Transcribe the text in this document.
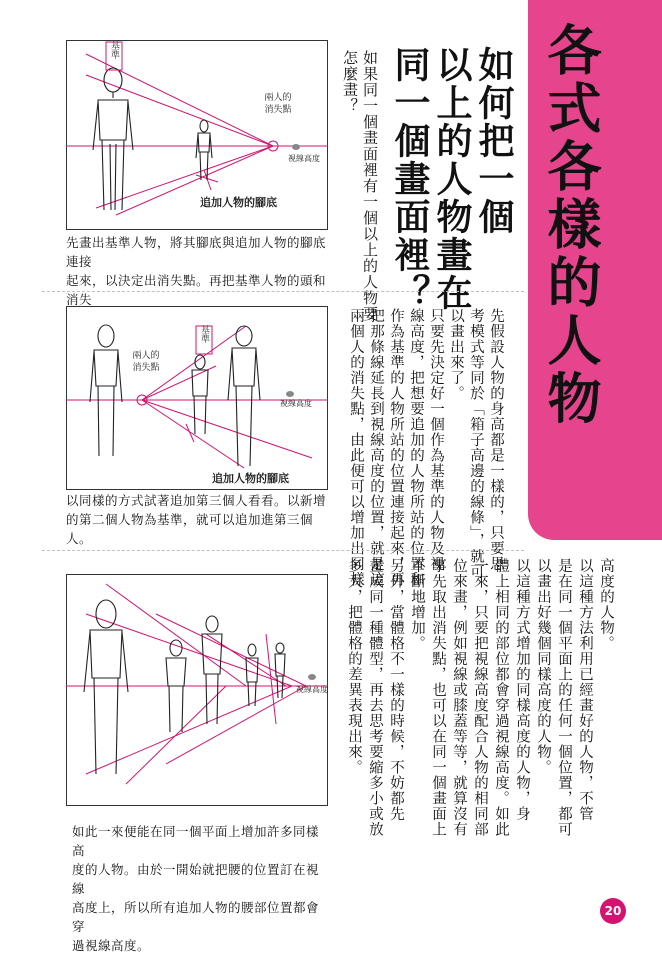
各式各樣的人物
如何把一個
以上的人物畫在
同一個畫面裡？
如果同一個畫面裡有一個以上的人物要
怎麼畫？
先假設人物的身高都是一樣的，只要思
考模式等同於「箱子高邊的線條」，就可
以畫出來了。
只要先決定好一個作為基準的人物及視
線高度，把想要追加的人物所站的位置和
作為基準的人物所站的位置連接起來，再
把那條線延長到視線高度的位置，就是這
兩個人的消失點，由此便可以增加出同樣
高度的人物。
以這種方法利用已經畫好的人物，不管
是在同一個平面上的任何一個位置，都可
以畫出好幾個同樣高度的人物。
以這種方式增加的同樣高度的人物，身
體上相同的部位都會穿過視線高度。如此
一來，只要把視線高度配合人物的相同部
位來畫，例如視線或膝蓋等等，就算沒有
事先取出消失點，也可以在同一個畫面上
不斷地增加。
另外，當體格不一樣的時候，不妨都先
畫成同一種體型，再去思考要縮多小或放
多大，把體格的差異表現出來。
基準
兩人的消失點
視線高度
追加人物的腳底
先畫出基準人物，將其腳底與追加人物的腳底連接
起來，以決定出消失點。再把基準人物的頭和消失

基準
兩人的消失點
視線高度
追加人物的腳底
以同樣的方式試著追加第三個人看看。以新增
的第二個人物為基準，就可以追加進第三個
人。
視線高度
如此一來便能在同一個平面上增加許多同樣高
度的人物。由於一開始就把腰的位置訂在視線
高度上，所以所有追加人物的腰部位置都會穿
過視線高度。
20
